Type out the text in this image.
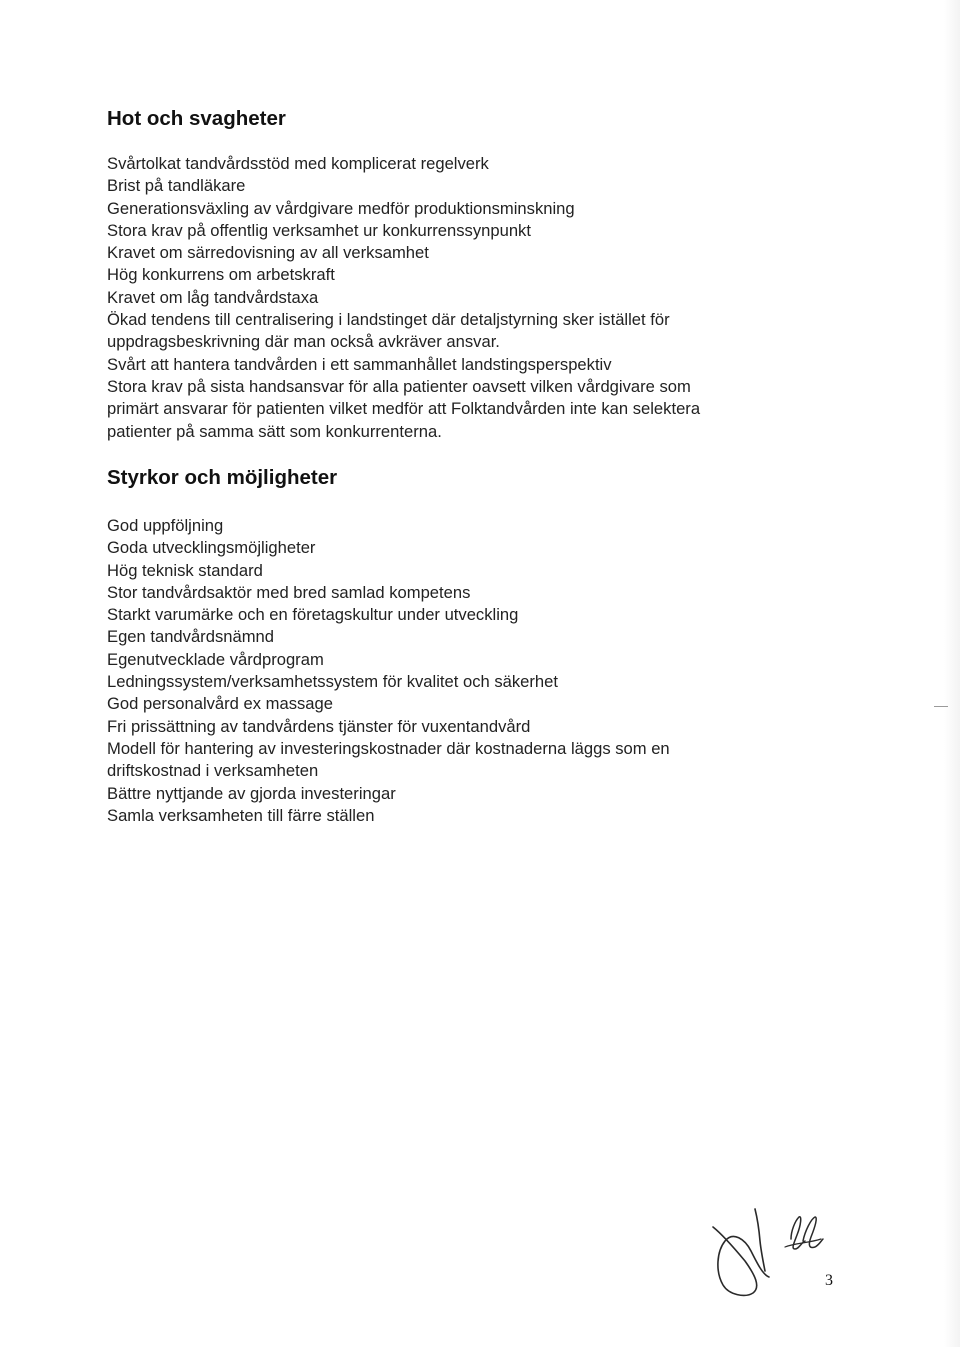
Hot och svagheter
Svårtolkat tandvårdsstöd med komplicerat regelverk
Brist på tandläkare
Generationsväxling av vårdgivare medför produktionsminskning
Stora krav på offentlig verksamhet ur konkurrenssynpunkt
Kravet om särredovisning av all verksamhet
Hög konkurrens om arbetskraft
Kravet om låg tandvårdstaxa
Ökad tendens till centralisering i landstinget där detaljstyrning sker istället för
uppdragsbeskrivning där man också avkräver ansvar.
Svårt att hantera tandvården i ett sammanhållet landstingsperspektiv
Stora krav på sista handsansvar för alla patienter oavsett vilken vårdgivare som
primärt ansvarar för patienten vilket medför att Folktandvården inte kan selektera
patienter på samma sätt som konkurrenterna.
Styrkor och möjligheter
God uppföljning
Goda utvecklingsmöjligheter
Hög teknisk standard
Stor tandvårdsaktör med bred samlad kompetens
Starkt varumärke och en företagskultur under utveckling
Egen tandvårdsnämnd
Egenutvecklade vårdprogram
Ledningssystem/verksamhetssystem för kvalitet och säkerhet
God personalvård ex massage
Fri prissättning av tandvårdens tjänster för vuxentandvård
Modell för hantering av investeringskostnader där kostnaderna läggs som en
driftskostnad i verksamheten
Bättre nyttjande av gjorda investeringar
Samla verksamheten till färre ställen
3
